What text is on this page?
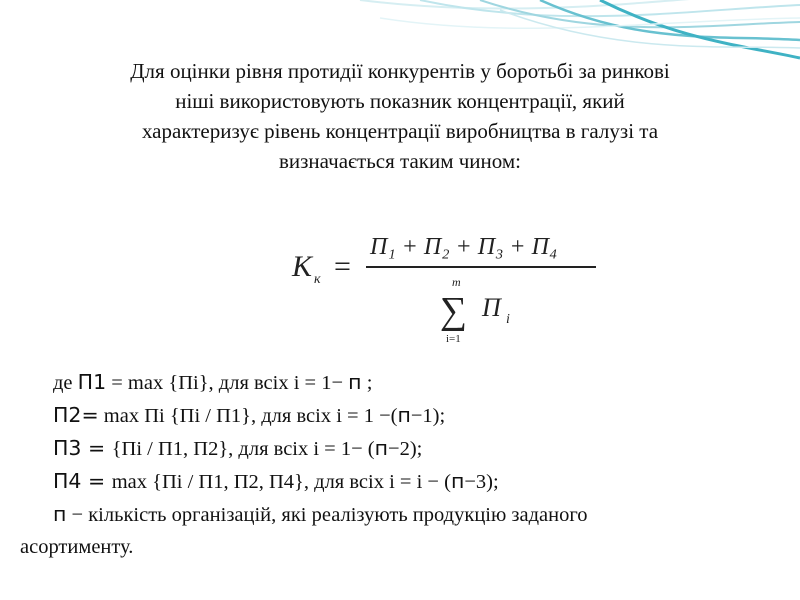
Для оцінки рівня протидії конкурентів у боротьбі за ринкові
ніші використовують показник концентрації, який
характеризує рівень концентрації виробництва в галузі та
визначається таким чином:
K к =
П₁ + П₂ + П₃ + П₄
m
∑
i=1
П i
де П1 = max {Пі}, для всіх і = 1− п ;
П2= max Пі {Пі / П1}, для всіх і = 1 −(п−1);
П3 = {Пі / П1, П2}, для всіх і = 1− (п−2);
П4 = max {Пі / П1, П2, П4}, для всіх і = і − (п−3);
п − кількість організацій, які реалізують продукцію заданого
асортименту.
